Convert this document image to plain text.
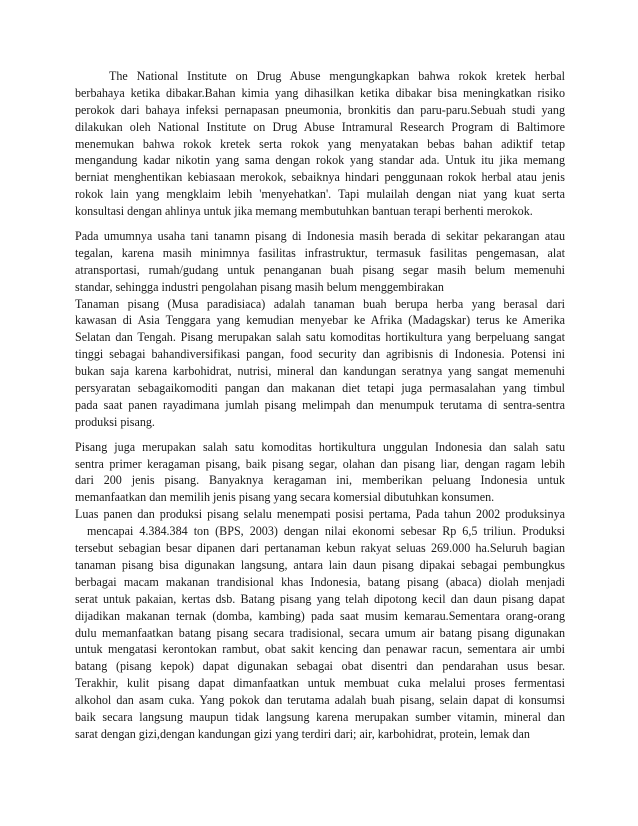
The National Institute on Drug Abuse mengungkapkan bahwa rokok kretek herbal
berbahaya ketika dibakar.Bahan kimia yang dihasilkan ketika dibakar bisa meningkatkan risiko
perokok dari bahaya infeksi pernapasan pneumonia, bronkitis dan paru-paru.Sebuah studi yang
dilakukan oleh National Institute on Drug Abuse Intramural Research Program di Baltimore
menemukan bahwa rokok kretek serta rokok yang menyatakan bebas bahan adiktif tetap
mengandung kadar nikotin yang sama dengan rokok yang standar ada. Untuk itu jika memang
berniat menghentikan kebiasaan merokok, sebaiknya hindari penggunaan rokok herbal atau jenis
rokok lain yang mengklaim lebih 'menyehatkan'. Tapi mulailah dengan niat yang kuat serta
konsultasi dengan ahlinya untuk jika memang membutuhkan bantuan terapi berhenti merokok.
Pada umumnya usaha tani tanamn pisang di Indonesia masih berada di sekitar pekarangan atau
tegalan, karena masih minimnya fasilitas infrastruktur, termasuk fasilitas pengemasan, alat
atransportasi, rumah/gudang untuk penanganan buah pisang segar masih belum memenuhi
standar, sehingga industri pengolahan pisang masih belum menggembirakan
Tanaman pisang (Musa paradisiaca) adalah tanaman buah berupa herba yang berasal dari
kawasan di Asia Tenggara yang kemudian menyebar ke Afrika (Madagskar) terus ke Amerika
Selatan dan Tengah. Pisang merupakan salah satu komoditas hortikultura yang berpeluang sangat
tinggi sebagai bahandiversifikasi pangan, food security dan agribisnis di Indonesia. Potensi ini
bukan saja karena karbohidrat, nutrisi, mineral dan kandungan seratnya yang sangat memenuhi
persyaratan sebagaikomoditi pangan dan makanan diet tetapi juga permasalahan yang timbul
pada saat panen rayadimana jumlah pisang melimpah dan menumpuk terutama di sentra-sentra
produksi pisang.
Pisang juga merupakan salah satu komoditas hortikultura unggulan Indonesia dan salah satu
sentra primer keragaman pisang, baik pisang segar, olahan dan pisang liar, dengan ragam lebih
dari 200 jenis pisang. Banyaknya keragaman ini, memberikan peluang Indonesia untuk
memanfaatkan dan memilih jenis pisang yang secara komersial dibutuhkan konsumen.
Luas panen dan produksi pisang selalu menempati posisi pertama, Pada tahun 2002 produksinya
mencapai 4.384.384 ton (BPS, 2003) dengan nilai ekonomi sebesar Rp 6,5 triliun. Produksi
tersebut sebagian besar dipanen dari pertanaman kebun rakyat seluas 269.000 ha.Seluruh bagian
tanaman pisang bisa digunakan langsung, antara lain daun pisang dipakai sebagai pembungkus
berbagai macam makanan trandisional khas Indonesia, batang pisang (abaca) diolah menjadi
serat untuk pakaian, kertas dsb. Batang pisang yang telah dipotong kecil dan daun pisang dapat
dijadikan makanan ternak (domba, kambing) pada saat musim kemarau.Sementara orang-orang
dulu memanfaatkan batang pisang secara tradisional, secara umum air batang pisang digunakan
untuk mengatasi kerontokan rambut, obat sakit kencing dan penawar racun, sementara air umbi
batang (pisang kepok) dapat digunakan sebagai obat disentri dan pendarahan usus besar.
Terakhir, kulit pisang dapat dimanfaatkan untuk membuat cuka melalui proses fermentasi
alkohol dan asam cuka. Yang pokok dan terutama adalah buah pisang, selain dapat di konsumsi
baik secara langsung maupun tidak langsung karena merupakan sumber vitamin, mineral dan
sarat dengan gizi,dengan kandungan gizi yang terdiri dari; air, karbohidrat, protein, lemak dan
